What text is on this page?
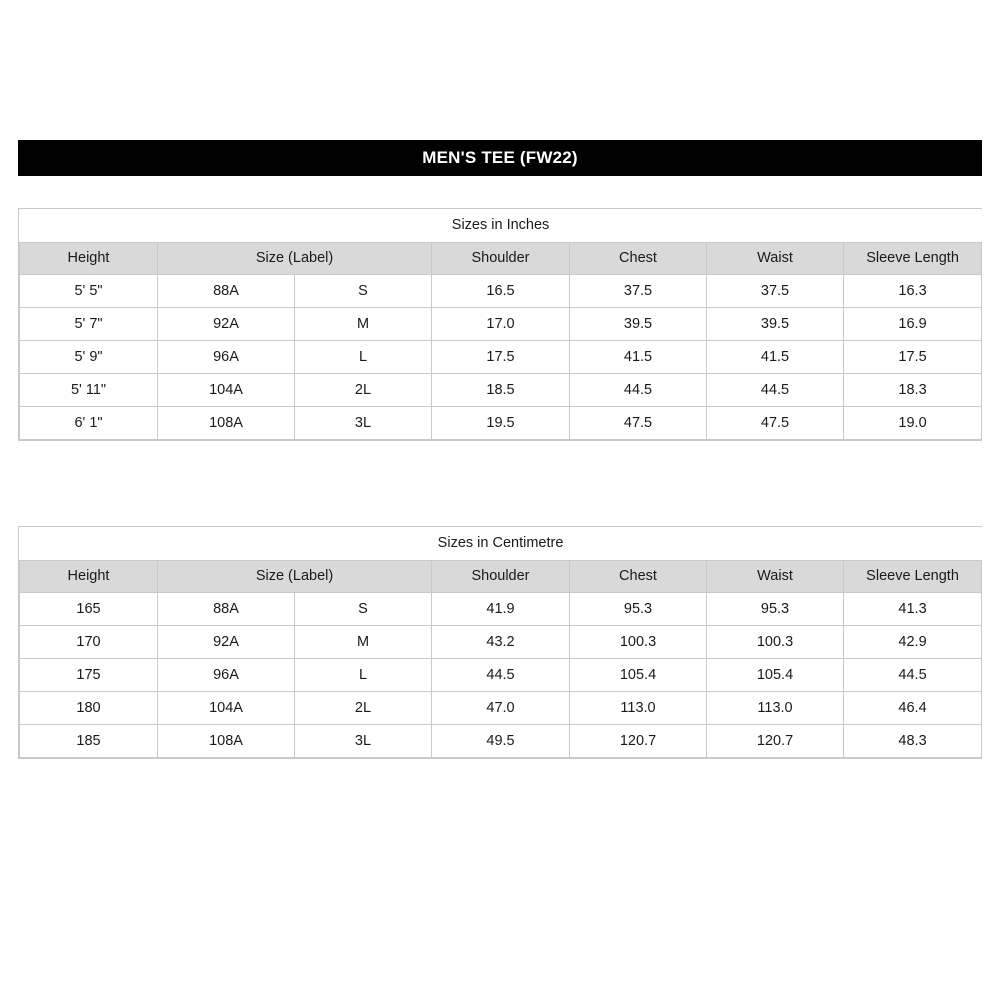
MEN'S TEE (FW22)
Sizes in Inches						
Height	Size (Label)		Shoulder	Chest	Waist	Sleeve Length
5' 5"	88A	S	16.5	37.5	37.5	16.3
5' 7"	92A	M	17.0	39.5	39.5	16.9
5' 9"	96A	L	17.5	41.5	41.5	17.5
5' 11"	104A	2L	18.5	44.5	44.5	18.3
6' 1"	108A	3L	19.5	47.5	47.5	19.0
Sizes in Centimetre						
Height	Size (Label)		Shoulder	Chest	Waist	Sleeve Length
165	88A	S	41.9	95.3	95.3	41.3
170	92A	M	43.2	100.3	100.3	42.9
175	96A	L	44.5	105.4	105.4	44.5
180	104A	2L	47.0	113.0	113.0	46.4
185	108A	3L	49.5	120.7	120.7	48.3
